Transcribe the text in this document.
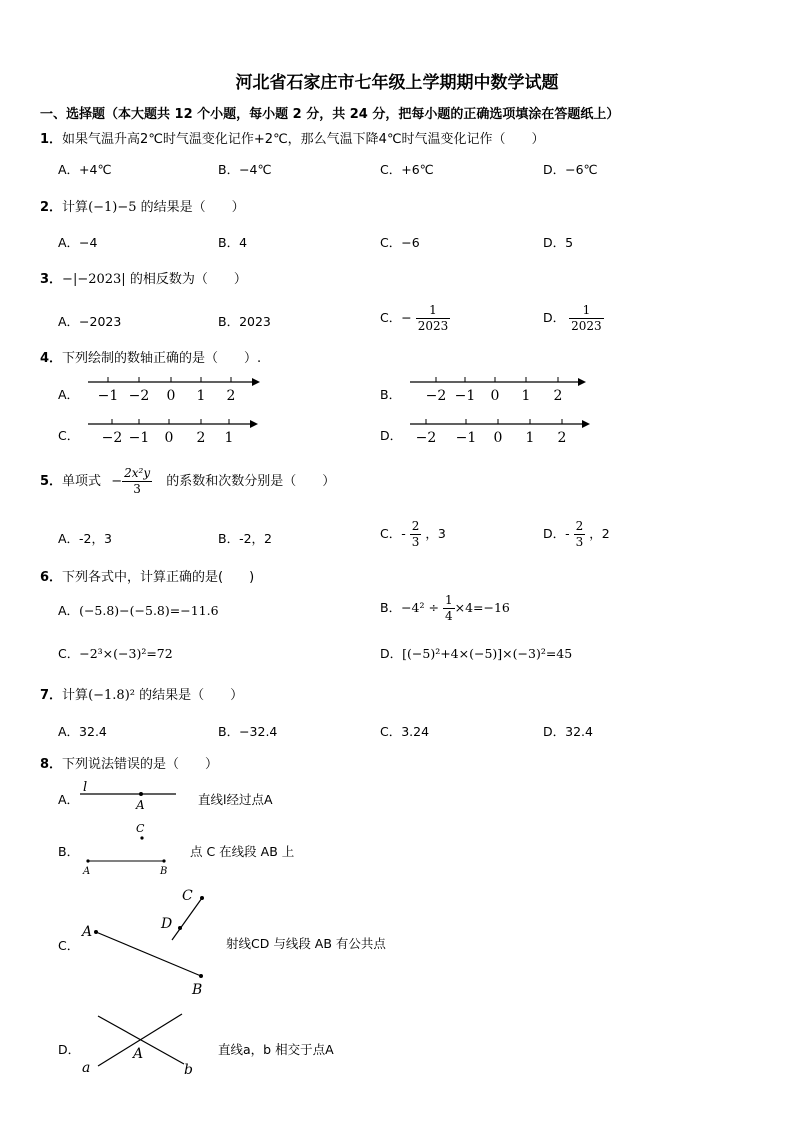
河北省石家庄市七年级上学期期中数学试题
一、选择题（本大题共 12 个小题，每小题 2 分，共 24 分，把每小题的正确选项填涂在答题纸上）
1．如果气温升高2℃时气温变化记作+2℃，那么气温下降4℃时气温变化记作（　　）
A．+4℃	B．−4℃	C．+6℃	D．−6℃
2．计算(−1)−5 的结果是（　　）
A．−4	B．4	C．−6	D．5
3．−|−2023| 的相反数为（　　）
A．−2023	B．2023	C．− $\frac{1}{2023}$	D． $\frac{1}{2023}$
4．下列绘制的数轴正确的是（　　）.
A． −1 −2 0 1 2	B． −2 −1 0 1 2
C． −2 −1 0 2 1	D． −2 −1 0 1 2
5．单项式 − $\frac{\text{2x²y}}{3}$ 的系数和次数分别是（　　）
A．-2，3	B．-2，2	C．- $\frac{2}{3}$ ，3	D．- $\frac{2}{3}$ ，2
6．下列各式中，计算正确的是(　　)
A．(−5.8)−(−5.8)=−11.6	B．$-4^2 \div \frac{1}{4} \times 4=-16$
C．−2³×(−3)²=72	D．[(−5)²+4×(−5)]×(−3)²=45
7．计算(−1.8)² 的结果是（　　）
A．32.4	B．−32.4	C．3.24	D．32.4
8．下列说法错误的是（　　）
A．
l
A	直线l经过点A
B．
C
A	B
点 C 在线段 AB 上
C．
A
B
C
D
射线CD 与线段 AB 有公共点
D．	A
a	b
直线a，b 相交于点A
